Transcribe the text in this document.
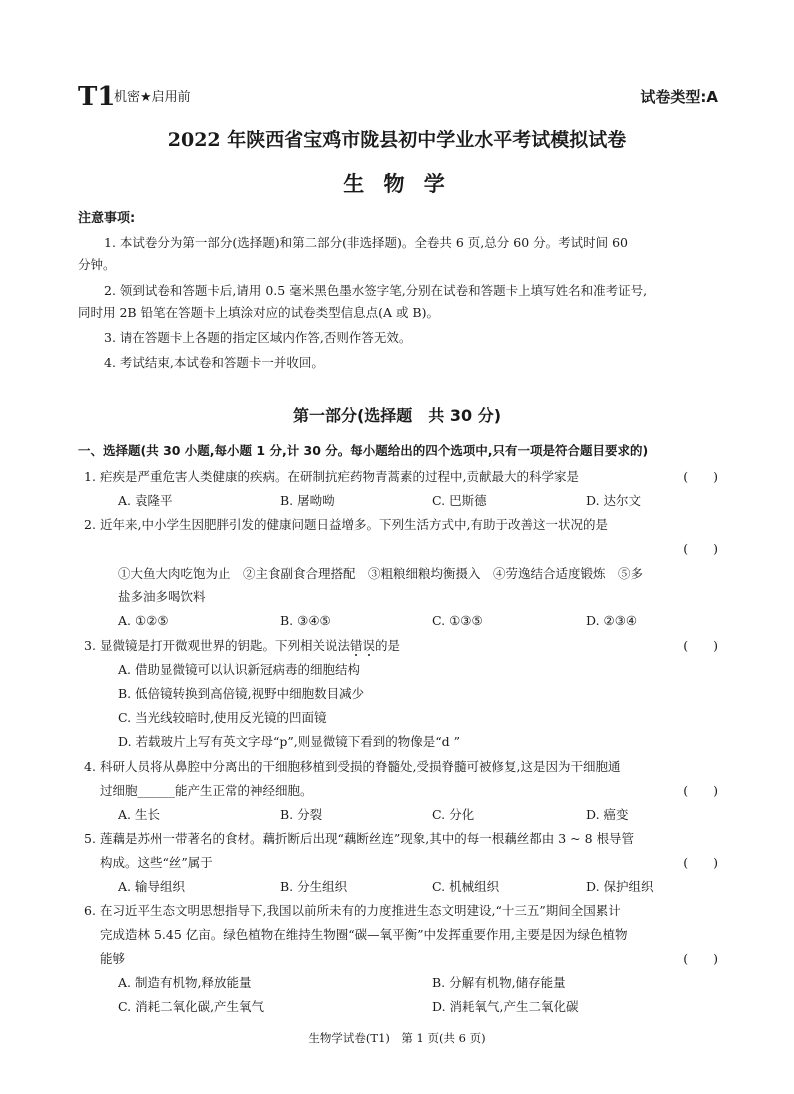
T1
机密★启用前	试卷类型:A
2022 年陕西省宝鸡市陇县初中学业水平考试模拟试卷
生 物 学
注意事项:
1. 本试卷分为第一部分(选择题)和第二部分(非选择题)。全卷共 6 页,总分 60 分。考试时间 60
分钟。
2. 领到试卷和答题卡后,请用 0.5 毫米黑色墨水签字笔,分别在试卷和答题卡上填写姓名和准考证号,
同时用 2B 铅笔在答题卡上填涂对应的试卷类型信息点(A 或 B)。
3. 请在答题卡上各题的指定区域内作答,否则作答无效。
4. 考试结束,本试卷和答题卡一并收回。
第一部分(选择题　共 30 分)
一、选择题(共 30 小题,每小题 1 分,计 30 分。每小题给出的四个选项中,只有一项是符合题目要求的)
1. 疟疾是严重危害人类健康的疾病。在研制抗疟药物青蒿素的过程中,贡献最大的科学家是	(　　)
A. 袁隆平	B. 屠呦呦	C. 巴斯德	D. 达尔文
2. 近年来,中小学生因肥胖引发的健康问题日益增多。下列生活方式中,有助于改善这一状况的是
(　　)
①大鱼大肉吃饱为止　②主食副食合理搭配　③粗粮细粮均衡摄入　④劳逸结合适度锻炼　⑤多
盐多油多喝饮料
A. ①②⑤	B. ③④⑤	C. ①③⑤	D. ②③④
3. 显微镜是打开微观世界的钥匙。下列相关说法错误的是	(　　)
A. 借助显微镜可以认识新冠病毒的细胞结构
B. 低倍镜转换到高倍镜,视野中细胞数目减少
C. 当光线较暗时,使用反光镜的凹面镜
D. 若载玻片上写有英文字母“p”,则显微镜下看到的物像是“d ”
4. 科研人员将从鼻腔中分离出的干细胞移植到受损的脊髓处,受损脊髓可被修复,这是因为干细胞通
过细胞______能产生正常的神经细胞。	(　　)
A. 生长	B. 分裂	C. 分化	D. 癌变
5. 莲藕是苏州一带著名的食材。藕折断后出现“藕断丝连”现象,其中的每一根藕丝都由 3 ~ 8 根导管
构成。这些“丝”属于	(　　)
A. 输导组织	B. 分生组织	C. 机械组织	D. 保护组织
6. 在习近平生态文明思想指导下,我国以前所未有的力度推进生态文明建设,“十三五”期间全国累计
完成造林 5.45 亿亩。绿色植物在维持生物圈“碳—氧平衡”中发挥重要作用,主要是因为绿色植物
能够	(　　)
A. 制造有机物,释放能量	B. 分解有机物,储存能量
C. 消耗二氧化碳,产生氧气	D. 消耗氧气,产生二氧化碳
生物学试卷(T1)　第 1 页(共 6 页)
